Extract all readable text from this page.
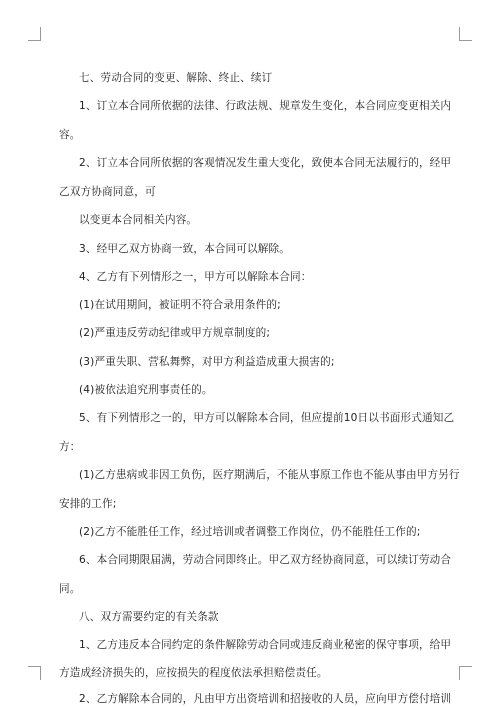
七、劳动合同的变更、解除、终止、续订
1、订立本合同所依据的法律、行政法规、规章发生变化，本合同应变更相关内
容。
2、订立本合同所依据的客观情况发生重大变化，致使本合同无法履行的，经甲
乙双方协商同意，可
以变更本合同相关内容。
3、经甲乙双方协商一致，本合同可以解除。
4、乙方有下列情形之一，甲方可以解除本合同：
(1)在试用期间，被证明不符合录用条件的;
(2)严重违反劳动纪律或甲方规章制度的;
(3)严重失职、营私舞弊，对甲方利益造成重大损害的;
(4)被依法追究刑事责任的。
5、有下列情形之一的，甲方可以解除本合同，但应提前10日以书面形式通知乙
方：
(1)乙方患病或非因工负伤，医疗期满后，不能从事原工作也不能从事由甲方另行
安排的工作;
(2)乙方不能胜任工作，经过培训或者调整工作岗位，仍不能胜任工作的;
6、本合同期限届满，劳动合同即终止。甲乙双方经协商同意，可以续订劳动合
同。
八、双方需要约定的有关条款
1、乙方违反本合同约定的条件解除劳动合同或违反商业秘密的保守事项，给甲
方造成经济损失的，应按损失的程度依法承担赔偿责任。
2、乙方解除本合同的，凡由甲方出资培训和招接收的人员，应向甲方偿付培训
